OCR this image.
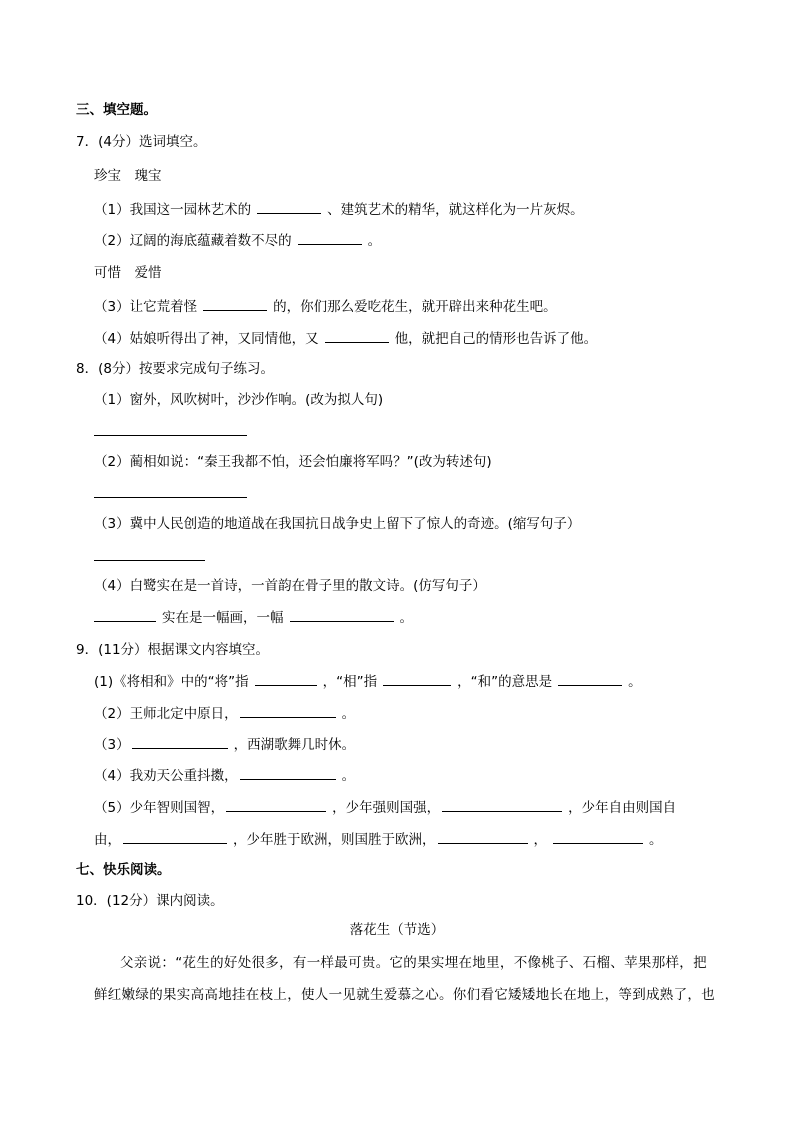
三、填空题。
7．(4分）选词填空。
珍宝　瑰宝
（1）我国这一园林艺术的	、建筑艺术的精华，就这样化为一片灰烬。
（2）辽阔的海底蕴藏着数不尽的	。
可惜　爱惜
（3）让它荒着怪	的，你们那么爱吃花生，就开辟出来种花生吧。
（4）姑娘听得出了神，又同情他，又	他，就把自己的情形也告诉了他。
8．(8分）按要求完成句子练习。
（1）窗外，风吹树叶，沙沙作响。(改为拟人句)
（2）蔺相如说：“秦王我都不怕，还会怕廉将军吗？”(改为转述句)
（3）冀中人民创造的地道战在我国抗日战争史上留下了惊人的奇迹。(缩写句子）
（4）白鹭实在是一首诗，一首韵在骨子里的散文诗。(仿写句子）
实在是一幅画，一幅	。
9．(11分）根据课文内容填空。
(1)《将相和》中的“将”指	，“相”指	，“和”的意思是	。
（2）王师北定中原日，	。
（3）	，西湖歌舞几时休。
（4）我劝天公重抖擞，	。
（5）少年智则国智，	，少年强则国强，	，少年自由则国自
由，	，少年胜于欧洲，则国胜于欧洲，	，	。
七、快乐阅读。
10．(12分）课内阅读。
落花生（节选）
父亲说：“花生的好处很多，有一样最可贵。它的果实埋在地里，不像桃子、石榴、苹果那样，把
鲜红嫩绿的果实高高地挂在枝上，使人一见就生爱慕之心。你们看它矮矮地长在地上，等到成熟了，也
